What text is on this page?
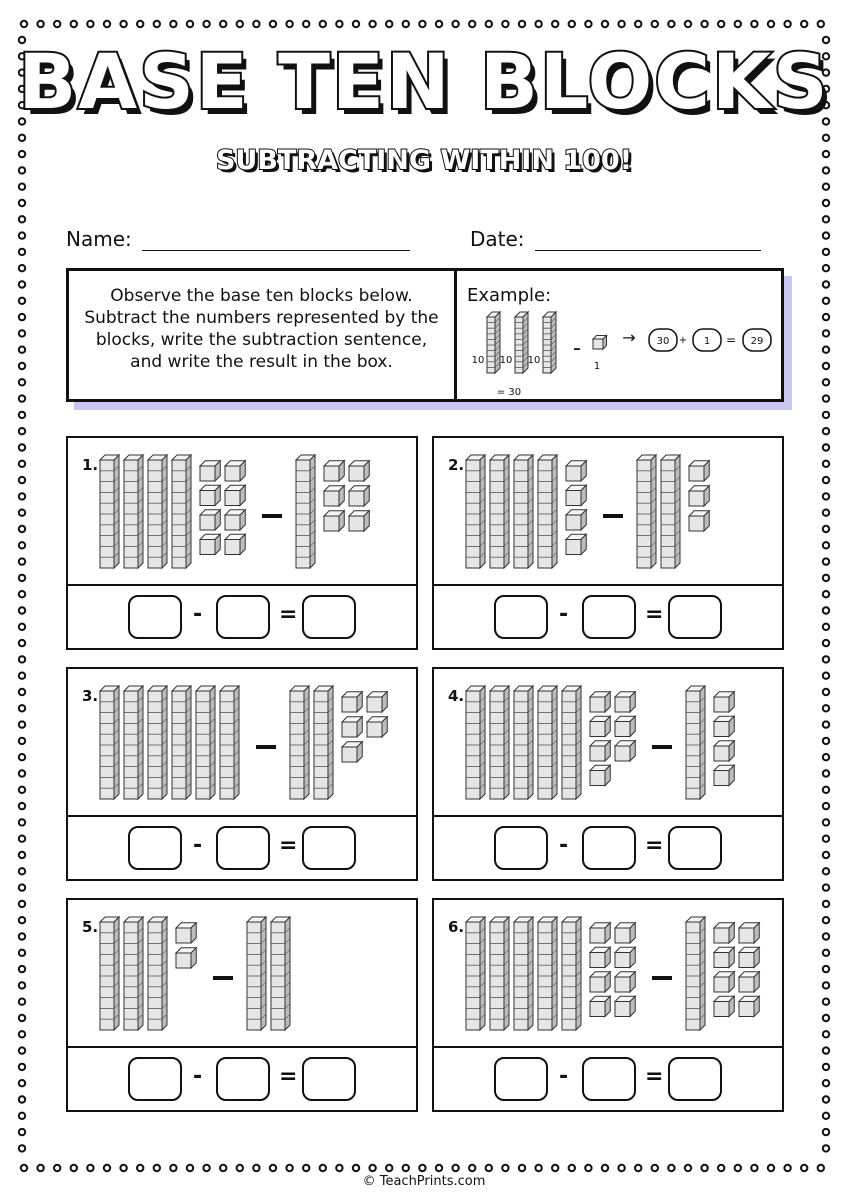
BASE TEN BLOCKS
SUBTRACTING WITHIN 100!
Name:	Date:
Observe the base ten blocks below. Subtract the numbers represented by the blocks, write the subtraction sentence, and write the result in the box.
Example:
10 10 10
= 30
-
1
→ 30	1	29
+	=
1.
-	=
2.
-	=
3.
-	=
4.
-	=
5.
-	=
6.
-	=
© TeachPrints.com
